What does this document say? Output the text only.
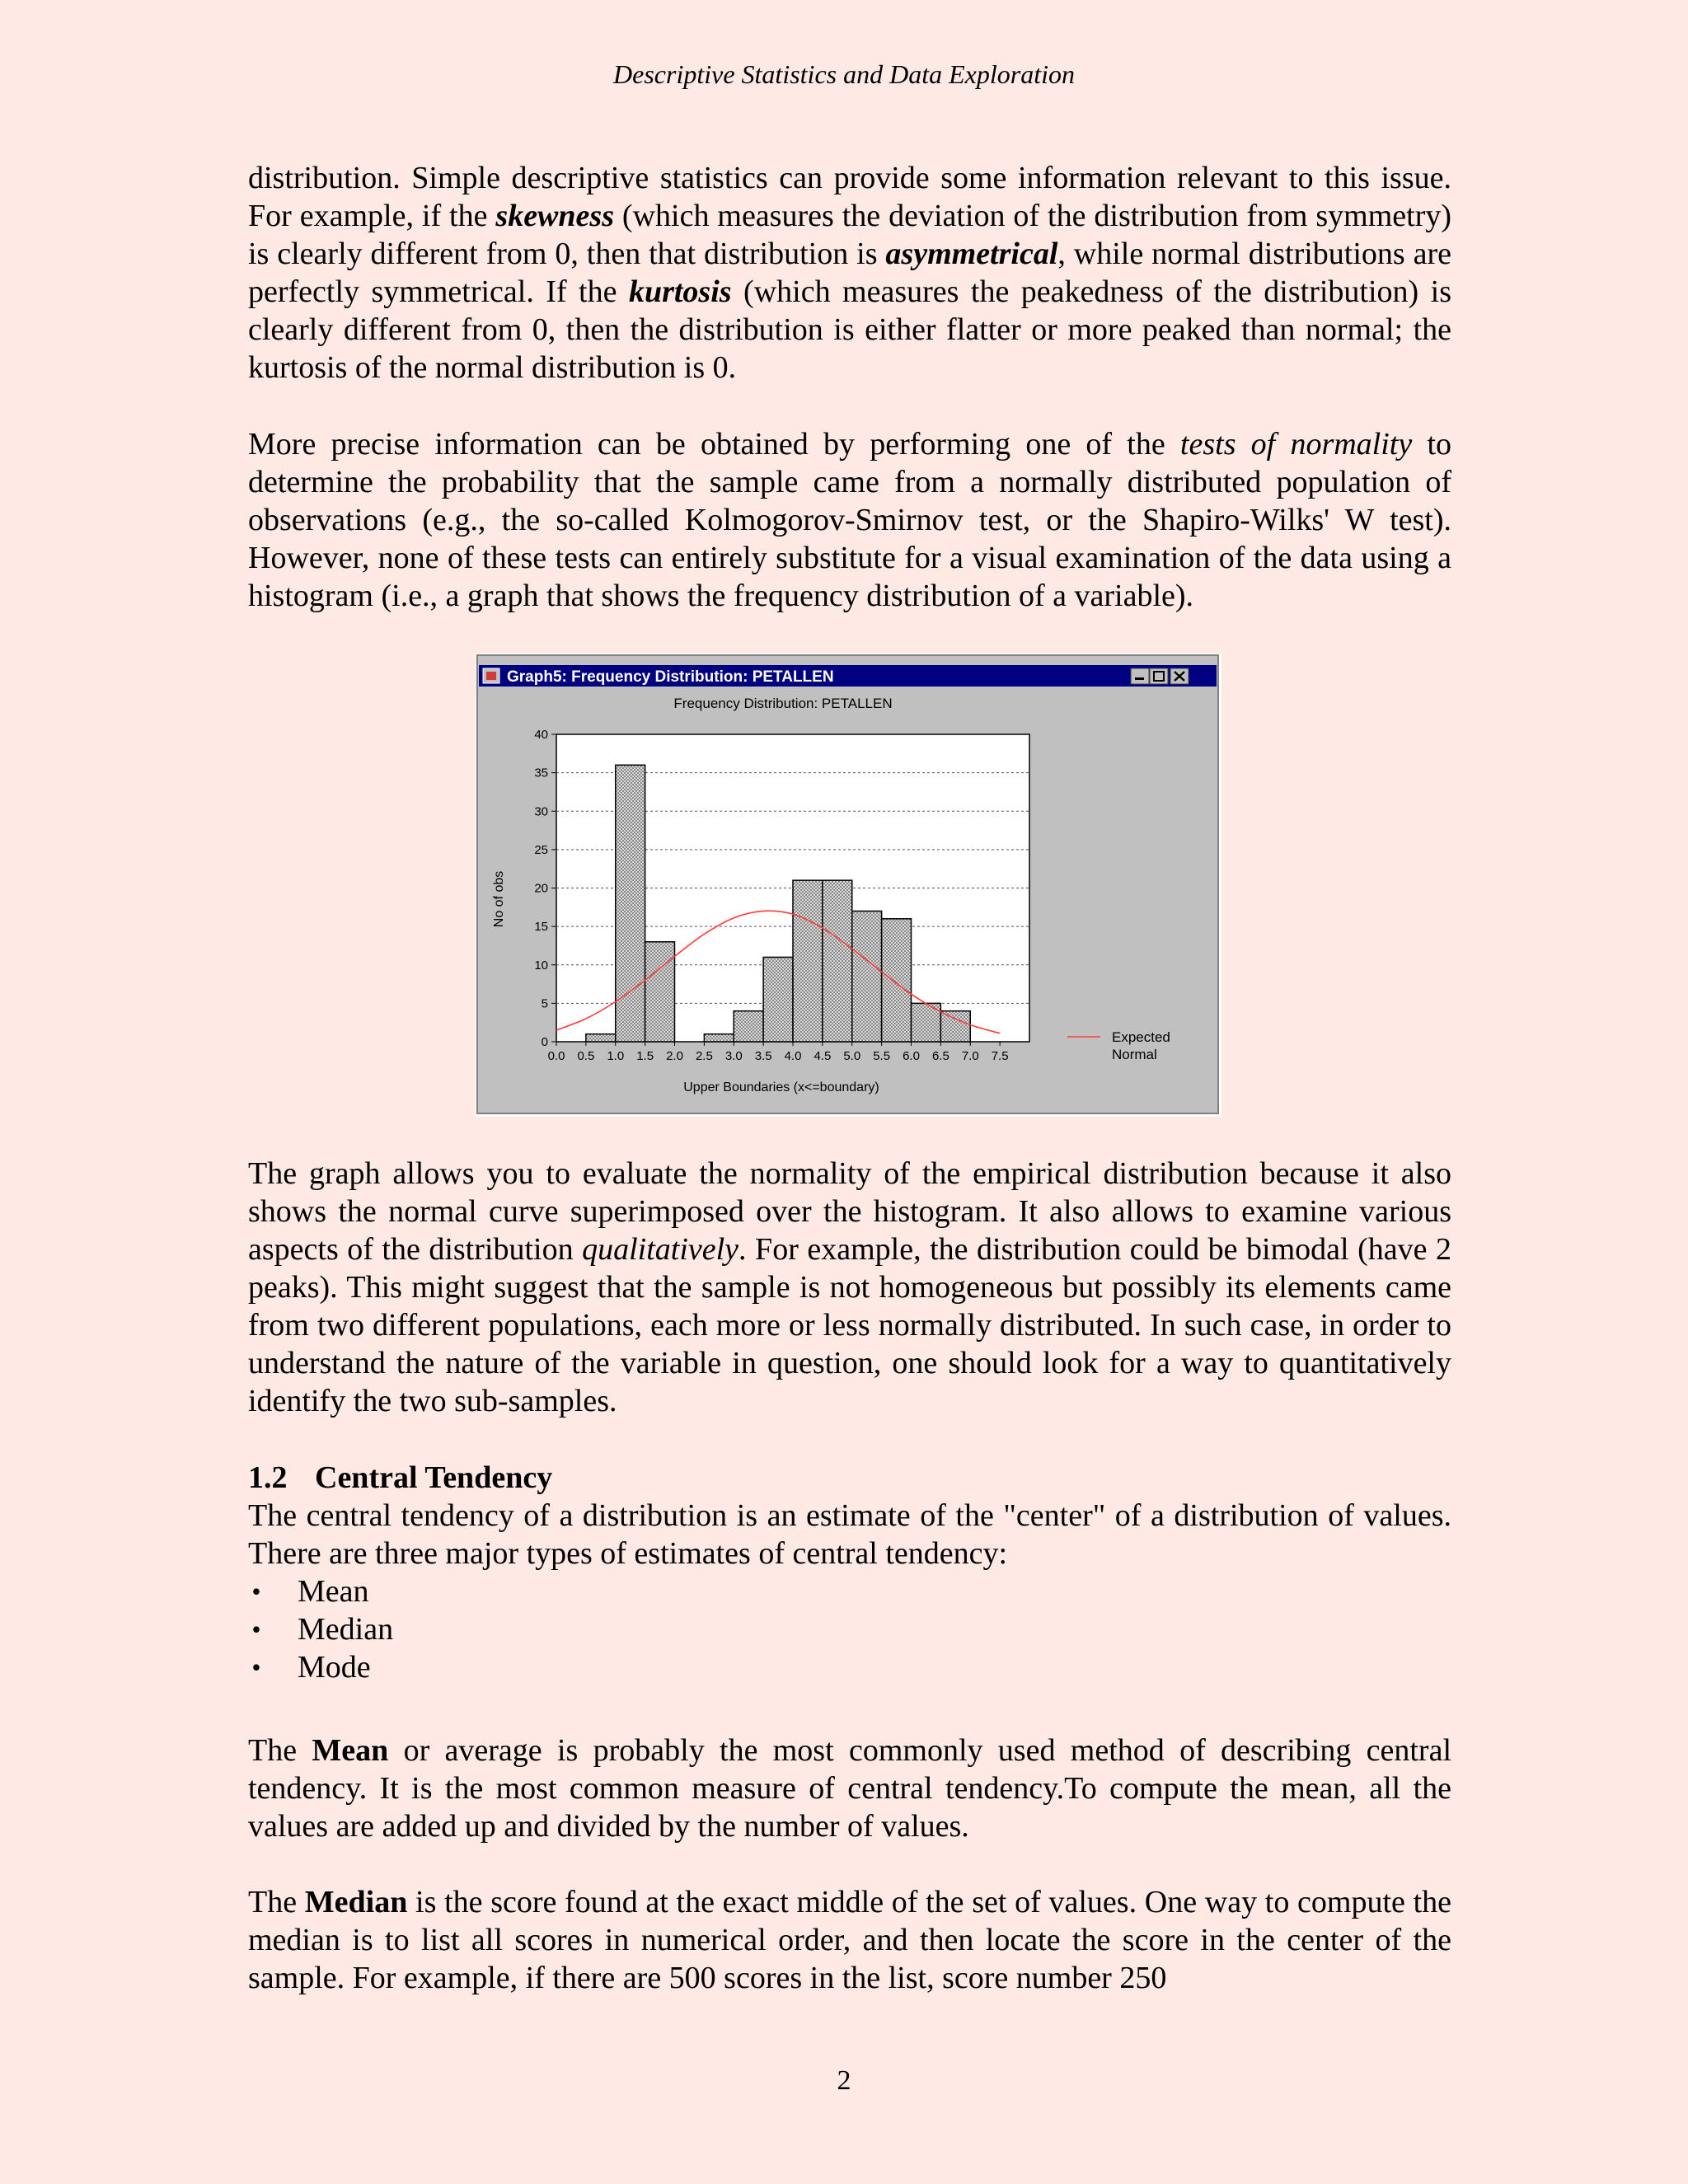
Descriptive Statistics and Data Exploration

distribution. Simple descriptive statistics can provide some information relevant to this issue. For example, if the skewness (which measures the deviation of the distribution from symmetry) is clearly different from 0, then that distribution is asymmetrical, while normal distributions are perfectly symmetrical. If the kurtosis (which measures the peakedness of the distribution) is clearly different from 0, then the distribution is either flatter or more peaked than normal; the kurtosis of the normal distribution is 0.

More precise information can be obtained by performing one of the tests of normality to determine the probability that the sample came from a normally distributed population of observations (e.g., the so-called Kolmogorov-Smirnov test, or the Shapiro-Wilks' W test). However, none of these tests can entirely substitute for a visual examination of the data using a histogram (i.e., a graph that shows the frequency distribution of a variable).

Graph5: Frequency Distribution: PETALLEN
Frequency Distribution: PETALLEN
0
5
10
15
20
25
30
35
40
0.0 0.5 1.0 1.5 2.0 2.5 3.0 3.5 4.0 4.5 5.0 5.5 6.0 6.5 7.0 7.5
No of obs
Upper Boundaries (x<=boundary)
Expected
Normal

The graph allows you to evaluate the normality of the empirical distribution because it also shows the normal curve superimposed over the histogram. It also allows to examine various aspects of the distribution qualitatively. For example, the distribution could be bimodal (have 2 peaks). This might suggest that the sample is not homogeneous but possibly its elements came from two different populations, each more or less normally distributed. In such case, in order to understand the nature of the variable in question, one should look for a way to quantitatively identify the two sub-samples.

1.2 Central Tendency

The central tendency of a distribution is an estimate of the "center" of a distribution of values. There are three major types of estimates of central tendency:

• Mean
• Median
• Mode

The Mean or average is probably the most commonly used method of describing central tendency. It is the most common measure of central tendency.To compute the mean, all the values are added up and divided by the number of values.

The Median is the score found at the exact middle of the set of values. One way to compute the median is to list all scores in numerical order, and then locate the score in the center of the sample. For example, if there are 500 scores in the list, score number 250

2
